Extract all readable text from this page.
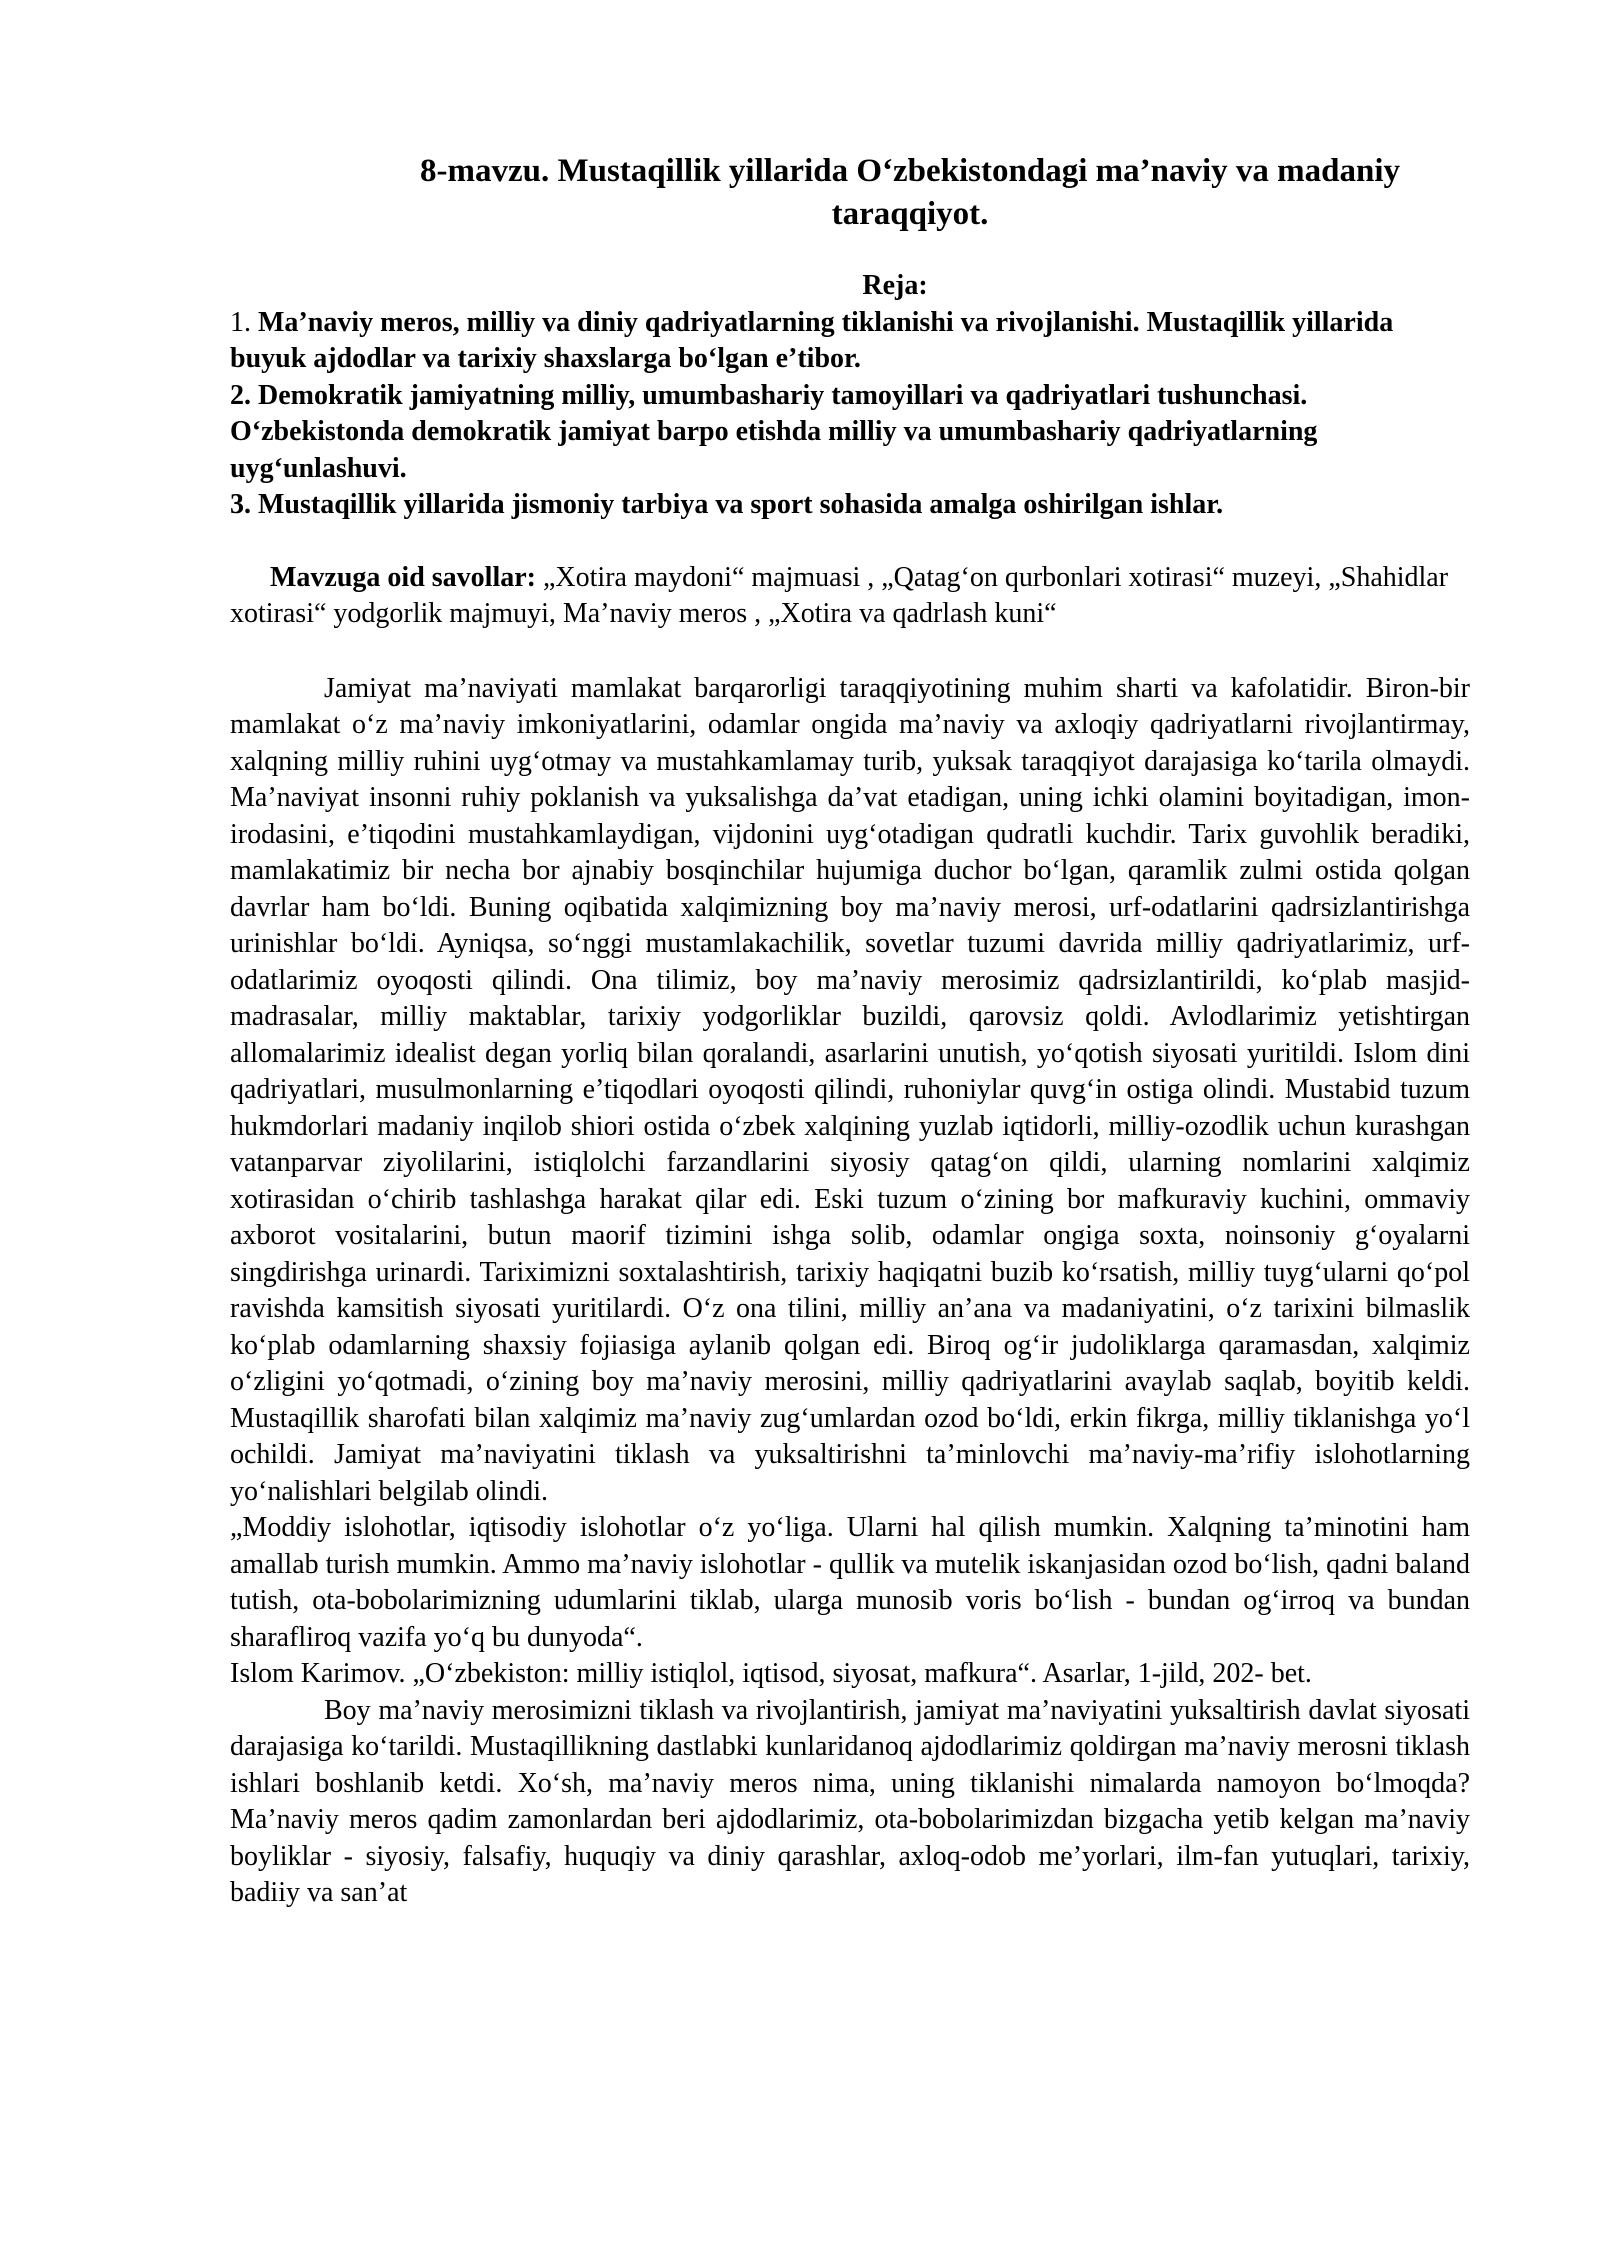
8-mavzu. Mustaqillik yillarida O‘zbekistondagi ma’naviy va madaniy taraqqiyot.
Reja:

1. Ma’naviy meros, milliy va diniy qadriyatlarning tiklanishi va rivojlanishi. Mustaqillik yillarida buyuk ajdodlar va tarixiy shaxslarga bo‘lgan e’tibor.

2. Demokratik jamiyatning milliy, umumbashariy tamoyillari va qadriyatlari tushunchasi. O‘zbekistonda demokratik jamiyat barpo etishda milliy va umumbashariy qadriyatlarning uyg‘unlashuvi.

3. Mustaqillik yillarida jismoniy tarbiya va sport sohasida amalga oshirilgan ishlar.

Mavzuga oid savollar: „Xotira maydoni“ majmuasi , „Qatag‘on qurbonlari xotirasi“ muzeyi, „Shahidlar xotirasi“ yodgorlik majmuyi, Ma’naviy meros , „Xotira va qadrlash kuni“

Jamiyat ma’naviyati mamlakat barqarorligi taraqqiyotining muhim sharti va kafolatidir. Biron-bir mamlakat o‘z ma’naviy imkoniyatlarini, odamlar ongida ma’naviy va axloqiy qadriyatlarni rivojlantirmay, xalqning milliy ruhini uyg‘otmay va mustahkamlamay turib, yuksak taraqqiyot darajasiga ko‘tarila olmaydi. Ma’naviyat insonni ruhiy poklanish va yuksalishga da’vat etadigan, uning ichki olamini boyitadigan, imon-irodasini, e’tiqodini mustahkamlaydigan, vijdonini uyg‘otadigan qudratli kuchdir. Tarix guvohlik beradiki, mamlakatimiz bir necha bor ajnabiy bosqinchilar hujumiga duchor bo‘lgan, qaramlik zulmi ostida qolgan davrlar ham bo‘ldi. Buning oqibatida xalqimizning boy ma’naviy merosi, urf-odatlarini qadrsizlantirishga urinishlar bo‘ldi. Ayniqsa, so‘nggi mustamlakachilik, sovetlar tuzumi davrida milliy qadriyatlarimiz, urf-odatlarimiz oyoqosti qilindi. Ona tilimiz, boy ma’naviy merosimiz qadrsizlantirildi, ko‘plab masjid-madrasalar, milliy maktablar, tarixiy yodgorliklar buzildi, qarovsiz qoldi. Avlodlarimiz yetishtirgan allomalarimiz idealist degan yorliq bilan qoralandi, asarlarini unutish, yo‘qotish siyosati yuritildi. Islom dini qadriyatlari, musulmonlarning e’tiqodlari oyoqosti qilindi, ruhoniylar quvg‘in ostiga olindi. Mustabid tuzum hukmdorlari madaniy inqilob shiori ostida o‘zbek xalqining yuzlab iqtidorli, milliy-ozodlik uchun kurashgan vatanparvar ziyolilarini, istiqlolchi farzandlarini siyosiy qatag‘on qildi, ularning nomlarini xalqimiz xotirasidan o‘chirib tashlashga harakat qilar edi. Eski tuzum o‘zining bor mafkuraviy kuchini, ommaviy axborot vositalarini, butun maorif tizimini ishga solib, odamlar ongiga soxta, noinsoniy g‘oyalarni singdirishga urinardi. Tariximizni soxtalashtirish, tarixiy haqiqatni buzib ko‘rsatish, milliy tuyg‘ularni qo‘pol ravishda kamsitish siyosati yuritilardi. O‘z ona tilini, milliy an’ana va madaniyatini, o‘z tarixini bilmaslik ko‘plab odamlarning shaxsiy fojiasiga aylanib qolgan edi. Biroq og‘ir judoliklarga qaramasdan, xalqimiz o‘zligini yo‘qotmadi, o‘zining boy ma’naviy merosini, milliy qadriyatlarini avaylab saqlab, boyitib keldi. Mustaqillik sharofati bilan xalqimiz ma’naviy zug‘umlardan ozod bo‘ldi, erkin fikrga, milliy tiklanishga yo‘l ochildi. Jamiyat ma’naviyatini tiklash va yuksaltirishni ta’minlovchi ma’naviy-ma’rifiy islohotlarning yo‘nalishlari belgilab olindi.

„Moddiy islohotlar, iqtisodiy islohotlar o‘z yo‘liga. Ularni hal qilish mumkin. Xalqning ta’minotini ham amallab turish mumkin. Ammo ma’naviy islohotlar - qullik va mutelik iskanjasidan ozod bo‘lish, qadni baland tutish, ota-bobolarimizning udumlarini tiklab, ularga munosib voris bo‘lish - bundan og‘irroq va bundan sharafliroq vazifa yo‘q bu dunyoda“.

Islom Karimov. „O‘zbekiston: milliy istiqlol, iqtisod, siyosat, mafkura“. Asarlar, 1-jild, 202- bet.

Boy ma’naviy merosimizni tiklash va rivojlantirish, jamiyat ma’naviyatini yuksaltirish davlat siyosati darajasiga ko‘tarildi. Mustaqillikning dastlabki kunlaridanoq ajdodlarimiz qoldirgan ma’naviy merosni tiklash ishlari boshlanib ketdi. Xo‘sh, ma’naviy meros nima, uning tiklanishi nimalarda namoyon bo‘lmoqda? Ma’naviy meros qadim zamonlardan beri ajdodlarimiz, ota-bobolarimizdan bizgacha yetib kelgan ma’naviy boyliklar - siyosiy, falsafiy, huquqiy va diniy qarashlar, axloq-odob me’yorlari, ilm-fan yutuqlari, tarixiy, badiiy va san’at
